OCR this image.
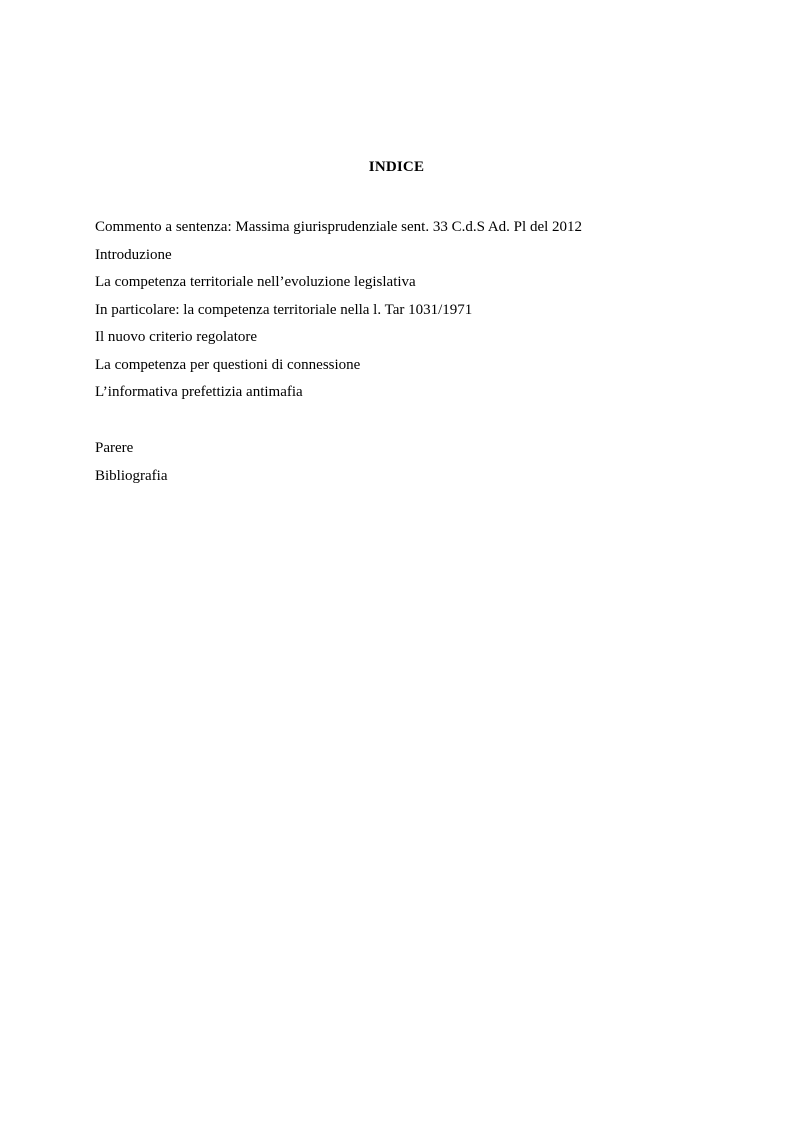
INDICE
Commento a sentenza: Massima giurisprudenziale sent. 33 C.d.S Ad. Pl del 2012
Introduzione
La competenza territoriale nell’evoluzione legislativa
In particolare: la competenza territoriale nella l. Tar 1031/1971
Il nuovo criterio regolatore
La competenza per questioni di connessione
L’informativa prefettizia antimafia
Parere
Bibliografia
